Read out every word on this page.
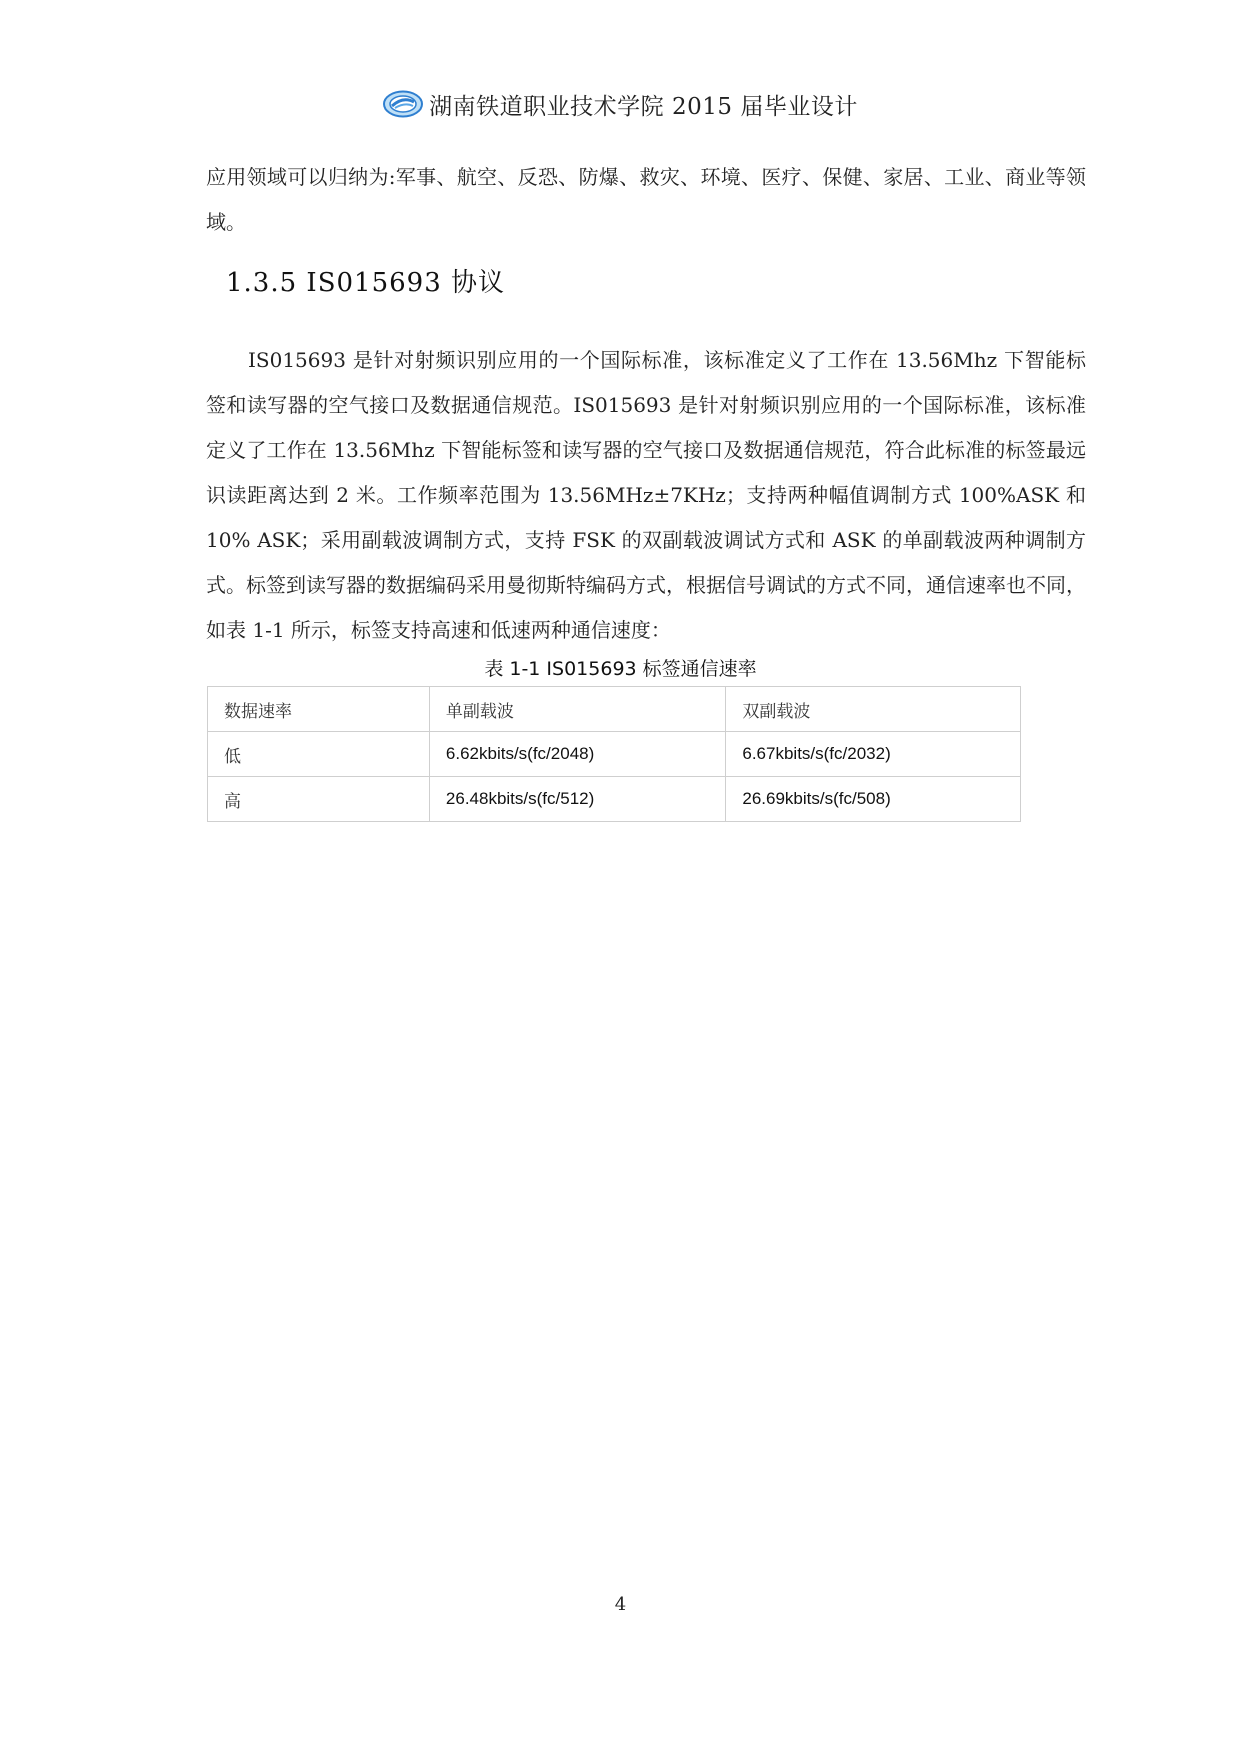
湖南铁道职业技术学院 2015 届毕业设计
应用领域可以归纳为:军事、航空、反恐、防爆、救灾、环境、医疗、保健、家居、工业、商业等领域。
1.3.5 IS015693 协议
IS015693 是针对射频识别应用的一个国际标准，该标准定义了工作在 13.56Mhz 下智能标签和读写器的空气接口及数据通信规范。IS015693 是针对射频识别应用的一个国际标准，该标准定义了工作在 13.56Mhz 下智能标签和读写器的空气接口及数据通信规范，符合此标准的标签最远识读距离达到 2 米。工作频率范围为 13.56MHz±7KHz；支持两种幅值调制方式 100%ASK 和 10% ASK；采用副载波调制方式，支持 FSK 的双副载波调试方式和 ASK 的单副载波两种调制方式。标签到读写器的数据编码采用曼彻斯特编码方式，根据信号调试的方式不同，通信速率也不同，如表 1-1 所示，标签支持高速和低速两种通信速度：
表 1-1 IS015693 标签通信速率
数据速率	单副载波	双副载波
低	6.62kbits/s(fc/2048)	6.67kbits/s(fc/2032)
高	26.48kbits/s(fc/512)	26.69kbits/s(fc/508)
4
